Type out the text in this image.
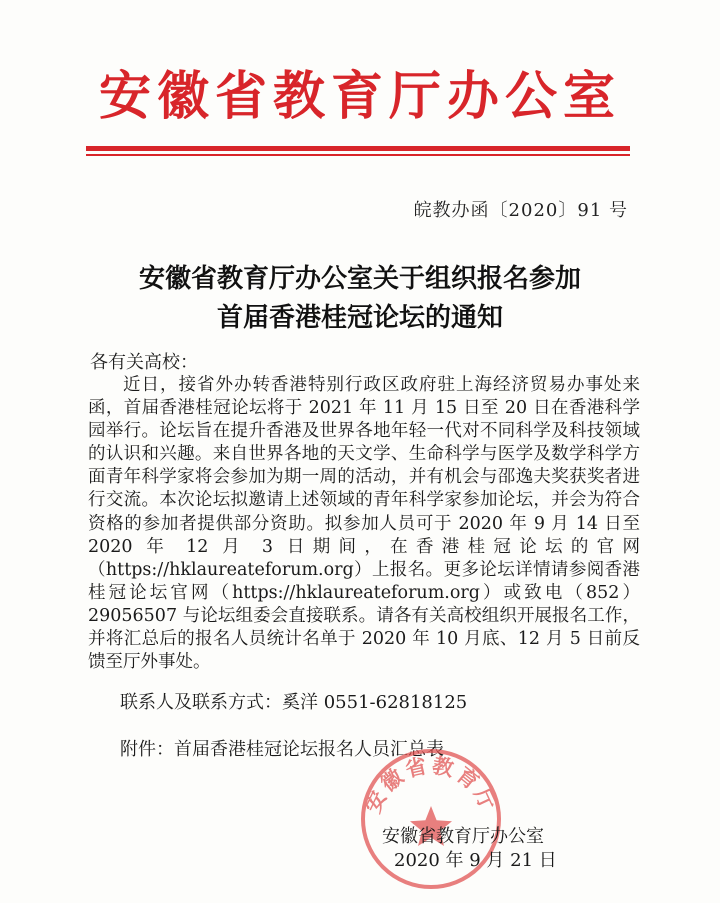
安徽省教育厅办公室
皖教办函〔2020〕91 号
安徽省教育厅办公室关于组织报名参加
首届香港桂冠论坛的通知
各有关高校：

近日，接省外办转香港特别行政区政府驻上海经济贸易办事处来函，首届香港桂冠论坛将于 2021 年 11 月 15 日至 20 日在香港科学园举行。论坛旨在提升香港及世界各地年轻一代对不同科学及科技领域的认识和兴趣。来自世界各地的天文学、生命科学与医学及数学科学方面青年科学家将会参加为期一周的活动，并有机会与邵逸夫奖获奖者进行交流。本次论坛拟邀请上述领域的青年科学家参加论坛，并会为符合资格的参加者提供部分资助。拟参加人员可于 2020 年 9 月 14 日至 2020 年 12 月 3 日期间，在香港桂冠论坛的官网（https://hklaureateforum.org）上报名。更多论坛详情请参阅香港桂冠论坛官网（https://hklaureateforum.org）或致电（852）29056507 与论坛组委会直接联系。请各有关高校组织开展报名工作，并将汇总后的报名人员统计名单于 2020 年 10 月底、12 月 5 日前反馈至厅外事处。

联系人及联系方式：奚洋 0551-62818125
附件：首届香港桂冠论坛报名人员汇总表
安徽省教育厅
安徽省教育厅办公室
2020 年 9 月 21 日
